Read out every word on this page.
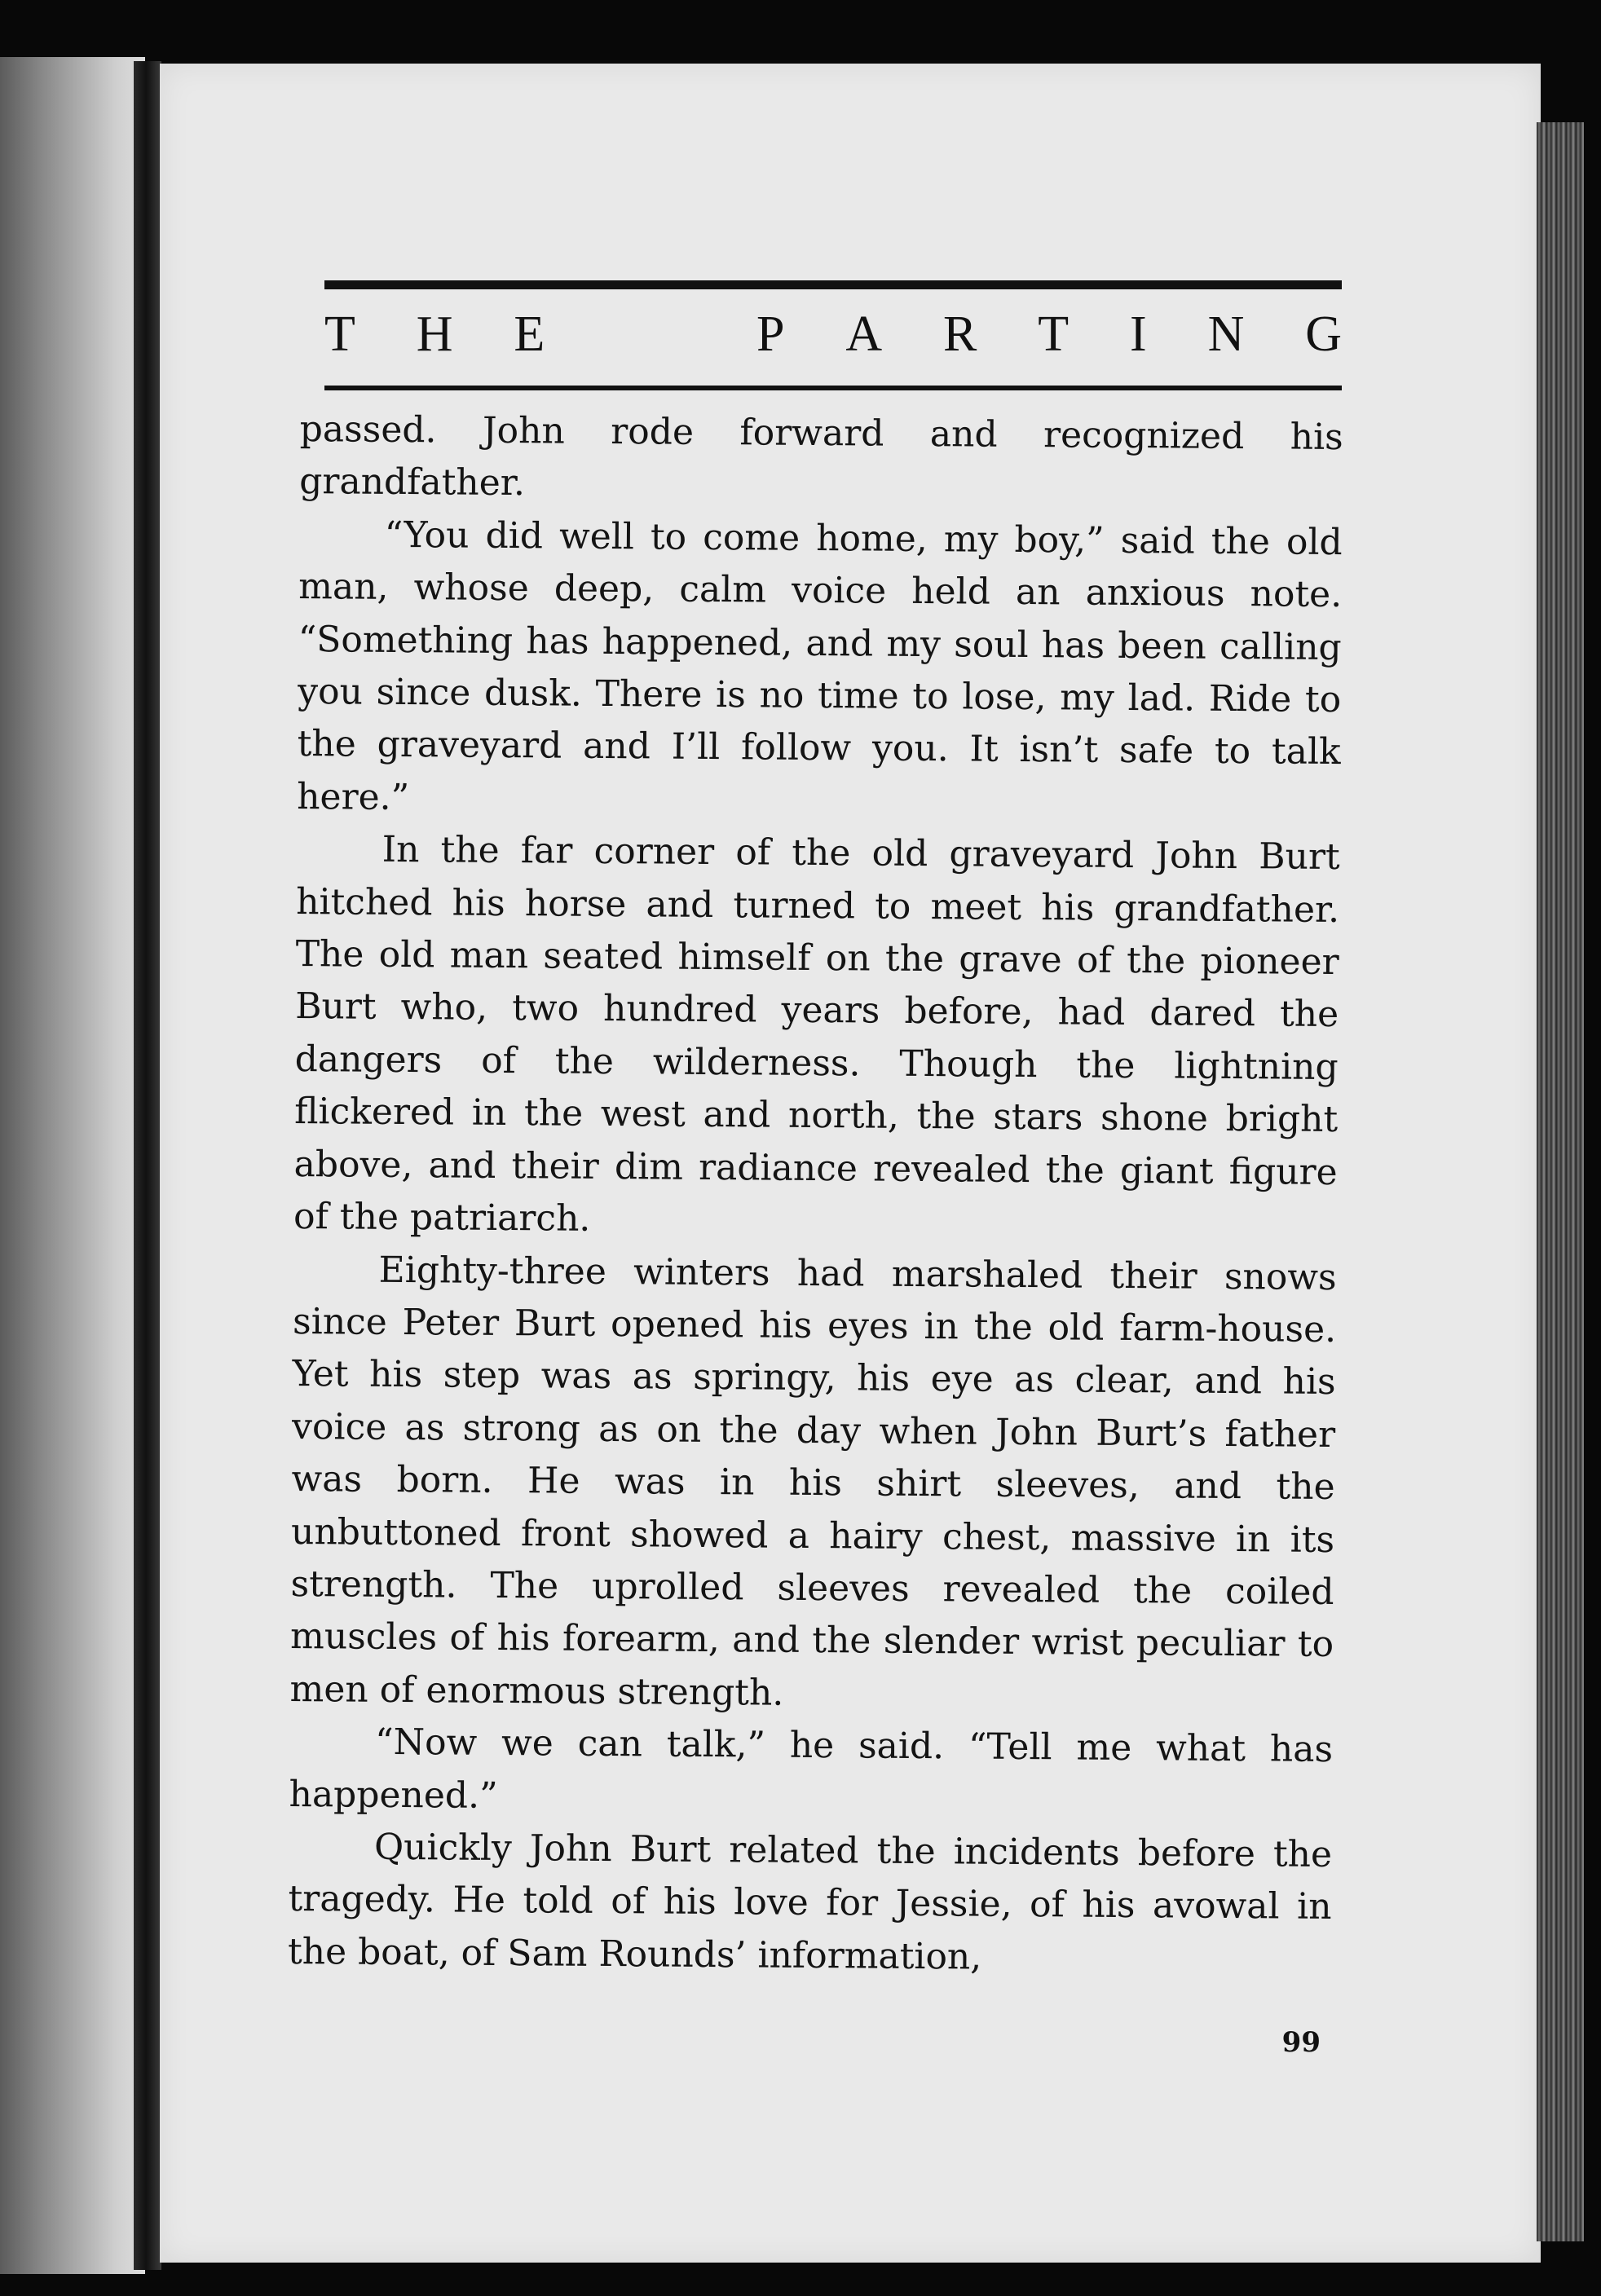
T H E	P A R T I N G

passed. John rode forward and recognized his grandfather.

“You did well to come home, my boy,” said the old man, whose deep, calm voice held an anxious note. “Something has happened, and my soul has been calling you since dusk. There is no time to lose, my lad. Ride to the graveyard and I’ll follow you. It isn’t safe to talk here.”

In the far corner of the old graveyard John Burt hitched his horse and turned to meet his grandfather. The old man seated himself on the grave of the pioneer Burt who, two hundred years before, had dared the dangers of the wilderness. Though the lightning flickered in the west and north, the stars shone bright above, and their dim radiance revealed the giant figure of the patriarch.

Eighty-three winters had marshaled their snows since Peter Burt opened his eyes in the old farm-house. Yet his step was as springy, his eye as clear, and his voice as strong as on the day when John Burt’s father was born. He was in his shirt sleeves, and the unbuttoned front showed a hairy chest, massive in its strength. The uprolled sleeves revealed the coiled muscles of his forearm, and the slender wrist peculiar to men of enormous strength.

“Now we can talk,” he said. “Tell me what has happened.”

Quickly John Burt related the incidents before the tragedy. He told of his love for Jessie, of his avowal in the boat, of Sam Rounds’ information,

99
